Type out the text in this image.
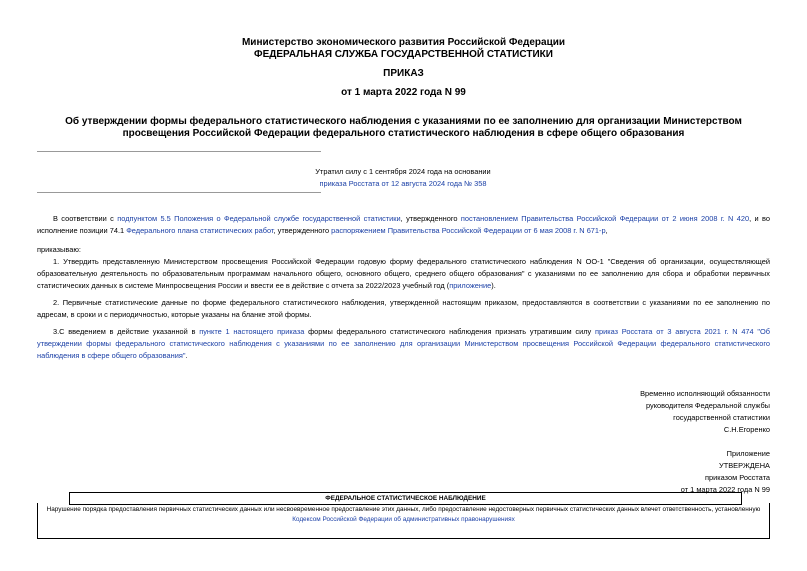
Министерство экономического развития Российской Федерации
ФЕДЕРАЛЬНАЯ СЛУЖБА ГОСУДАРСТВЕННОЙ СТАТИСТИКИ
ПРИКАЗ
от 1 марта 2022 года N 99
Об утверждении формы федерального статистического наблюдения с указаниями по ее заполнению для организации Министерством просвещения Российской Федерации федерального статистического наблюдения в сфере общего образования
Утратил силу с 1 сентября 2024 года на основании
приказа Росстата от 12 августа 2024 года № 358
В соответствии с подпунктом 5.5 Положения о Федеральной службе государственной статистики, утвержденного постановлением Правительства Российской Федерации от 2 июня 2008 г. N 420, и во исполнение позиции 74.1 Федерального плана статистических работ, утвержденного распоряжением Правительства Российской Федерации от 6 мая 2008 г. N 671-р,
приказываю:
1. Утвердить представленную Министерством просвещения Российской Федерации годовую форму федерального статистического наблюдения N ОО-1 "Сведения об организации, осуществляющей образовательную деятельность по образовательным программам начального общего, основного общего, среднего общего образования" с указаниями по ее заполнению для сбора и обработки первичных статистических данных в системе Минпросвещения России и ввести ее в действие с отчета за 2022/2023 учебный год (приложение).
2. Первичные статистические данные по форме федерального статистического наблюдения, утвержденной настоящим приказом, предоставляются в соответствии с указаниями по ее заполнению по адресам, в сроки и с периодичностью, которые указаны на бланке этой формы.
3.С введением в действие указанной в пункте 1 настоящего приказа формы федерального статистического наблюдения признать утратившим силу приказ Росстата от 3 августа 2021 г. N 474 "Об утверждении формы федерального статистического наблюдения с указаниями по ее заполнению для организации Министерством просвещения Российской Федерации федерального статистического наблюдения в сфере общего образования".
Временно исполняющий обязанности
руководителя Федеральной службы
государственной статистики
С.Н.Егоренко
Приложение
УТВЕРЖДЕНА
приказом Росстата
от 1 марта 2022 года N 99
ФЕДЕРАЛЬНОЕ СТАТИСТИЧЕСКОЕ НАБЛЮДЕНИЕ
Нарушение порядка предоставления первичных статистических данных или несвоевременное предоставление этих данных, либо предоставление недостоверных первичных статистических данных влечет ответственность, установленную Кодексом Российской Федерации об административных правонарушениях
